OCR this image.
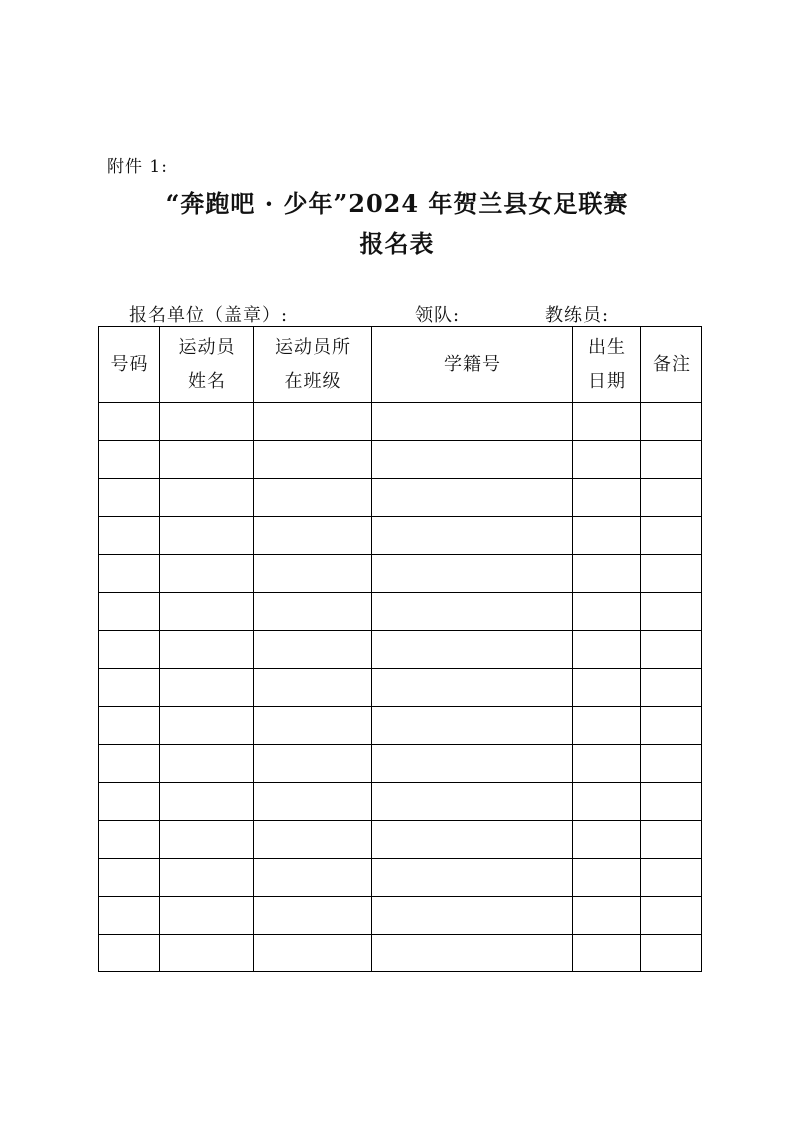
附件 1:
“奔跑吧 · 少年”2024 年贺兰县女足联赛
报名表
报名单位（盖章）:	领队:	教练员:
号码
运动员
姓名
运动员所
在班级
学籍号
出生
日期
备注
